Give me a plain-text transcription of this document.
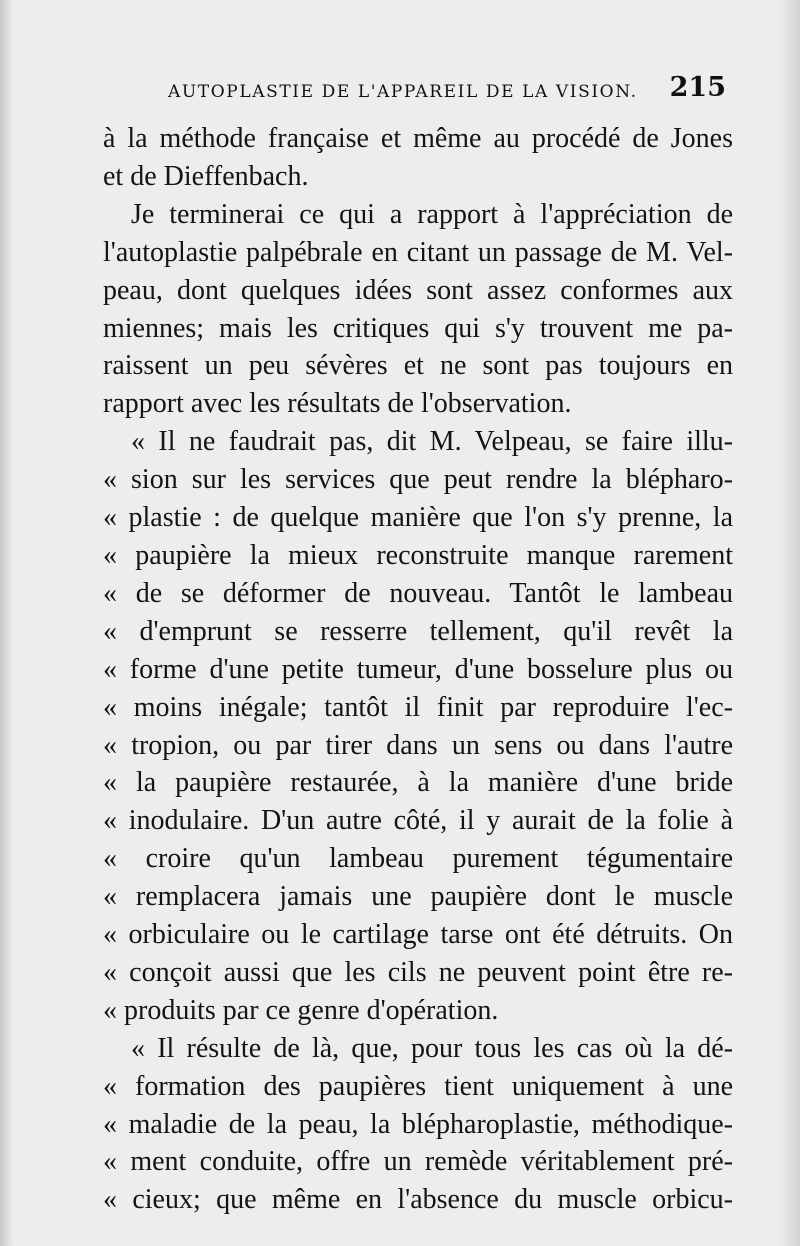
AUTOPLASTIE DE L'APPAREIL DE LA VISION. 215
à la méthode française et même au procédé de Jones
et de Dieffenbach.
Je terminerai ce qui a rapport à l'appréciation de
l'autoplastie palpébrale en citant un passage de M. Vel-
peau, dont quelques idées sont assez conformes aux
miennes; mais les critiques qui s'y trouvent me pa-
raissent un peu sévères et ne sont pas toujours en
rapport avec les résultats de l'observation.
« Il ne faudrait pas, dit M. Velpeau, se faire illu-
« sion sur les services que peut rendre la blépharo-
« plastie : de quelque manière que l'on s'y prenne, la
« paupière la mieux reconstruite manque rarement
« de se déformer de nouveau. Tantôt le lambeau
« d'emprunt se resserre tellement, qu'il revêt la
« forme d'une petite tumeur, d'une bosselure plus ou
« moins inégale; tantôt il finit par reproduire l'ec-
« tropion, ou par tirer dans un sens ou dans l'autre
« la paupière restaurée, à la manière d'une bride
« inodulaire. D'un autre côté, il y aurait de la folie à
« croire qu'un lambeau purement tégumentaire
« remplacera jamais une paupière dont le muscle
« orbiculaire ou le cartilage tarse ont été détruits. On
« conçoit aussi que les cils ne peuvent point être re-
« produits par ce genre d'opération.
« Il résulte de là, que, pour tous les cas où la dé-
« formation des paupières tient uniquement à une
« maladie de la peau, la blépharoplastie, méthodique-
« ment conduite, offre un remède véritablement pré-
« cieux; que même en l'absence du muscle orbicu-
